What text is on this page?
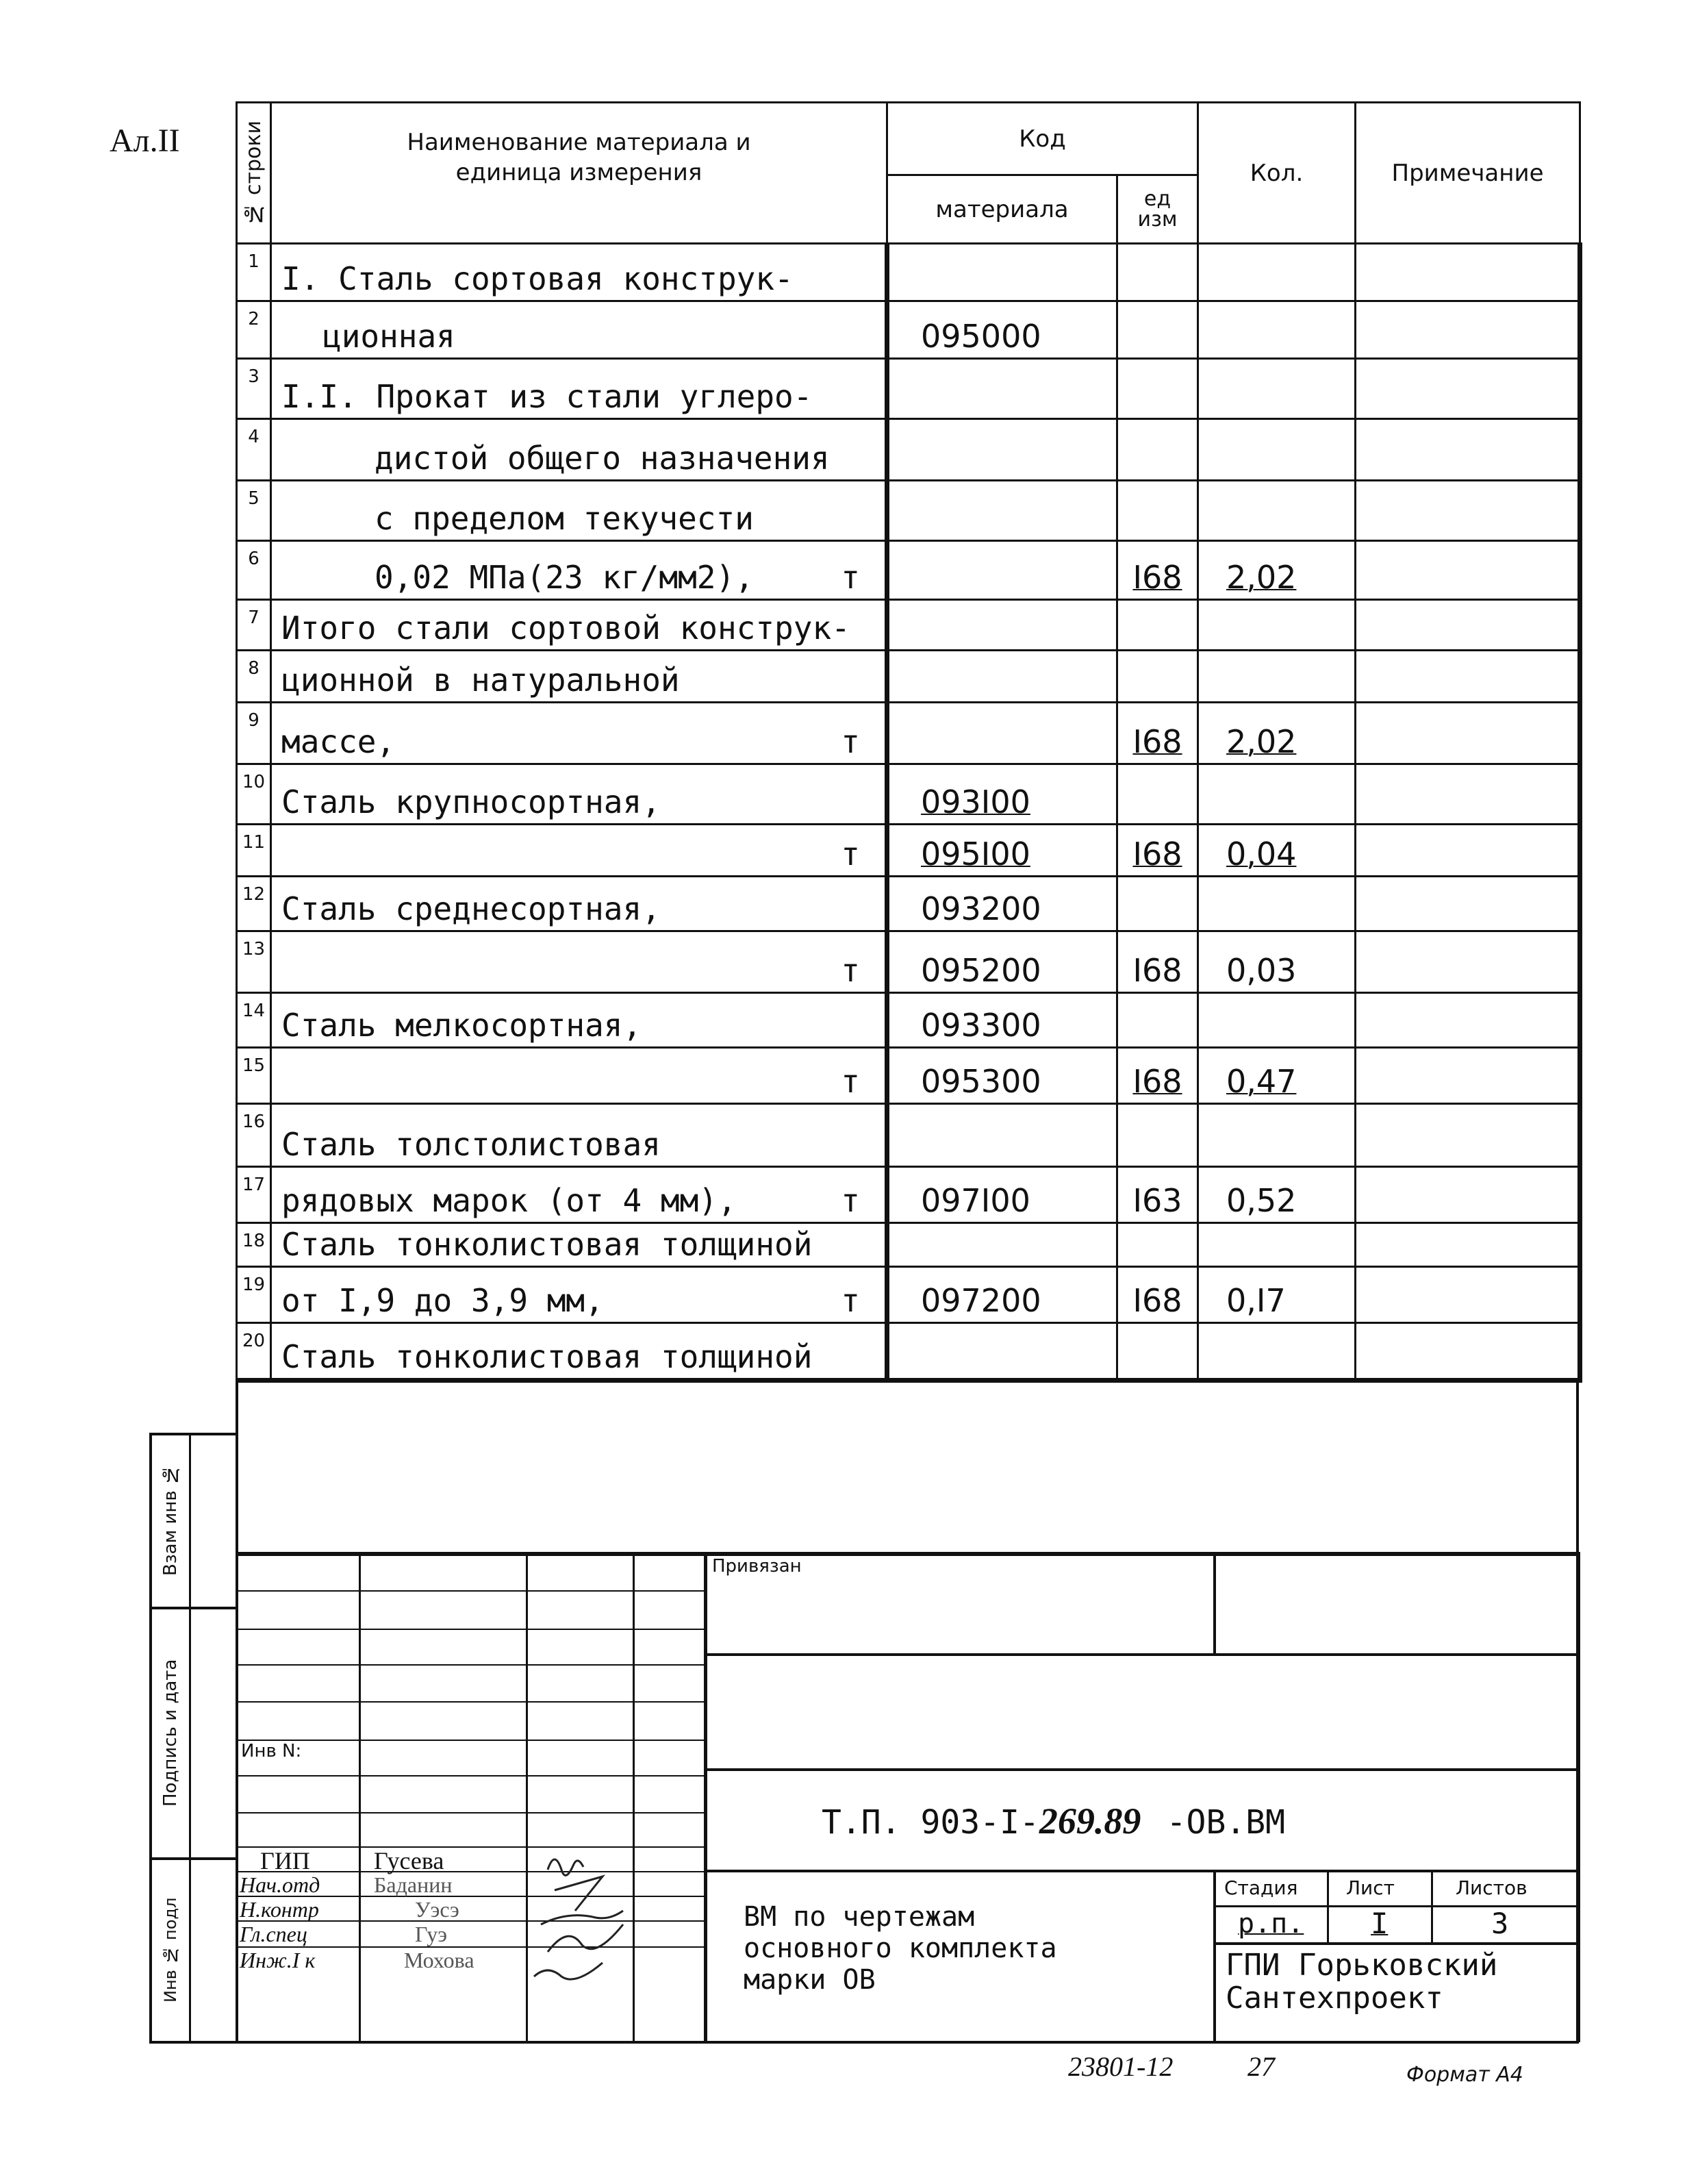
Ал.II	№ строки	Наименование материала и
единица измерения	Код		Кол.	Примечание
		материала	ед
изм		
1	I. Сталь сортовая конструк-

2	ционная	095000			
3	I.I. Прокат из стали углеро-

4	дистой общего назначения

5	с пределом текучести

6	0,02 МПа(23 кг/мм2), т		I68	2,02	
7	Итого стали сортовой конструк-

8	ционной в натуральной

9	массе, т		I68	2,02	
10	Сталь крупносортная,	093I00			
11	т	095I00	I68	0,04	
12	Сталь среднесортная,	093200			
13	т	095200	I68	0,03	
14	Сталь мелкосортная,	093300			
15	т	095300	I68	0,47	
16	Сталь толстолистовая

17	рядовых марок (от 4 мм), т	097I00	I63	0,52	
18	Сталь тонколистовая толщиной

19	от I,9 до 3,9 мм, т	097200	I68	0,I7	
20	Сталь тонколистовая толщиной

Взам инв №
Подпись и дата
Инв № подл
Привязан
Инв N:
Т.П. 903-I-269.89 -ОВ.ВМ
ВМ по чертежам
основного комплекта
марки ОВ
Стадия	Лист	Листов
р.п. I	3
ГПИ Горьковский
Сантехпроект
ГИП
Нач.отд
Н.контр
Гл.спец
Инж.I к
Гусева
Баданин
Уэсэ
Гуэ
Мохова
23801-12	27	Формат А4
